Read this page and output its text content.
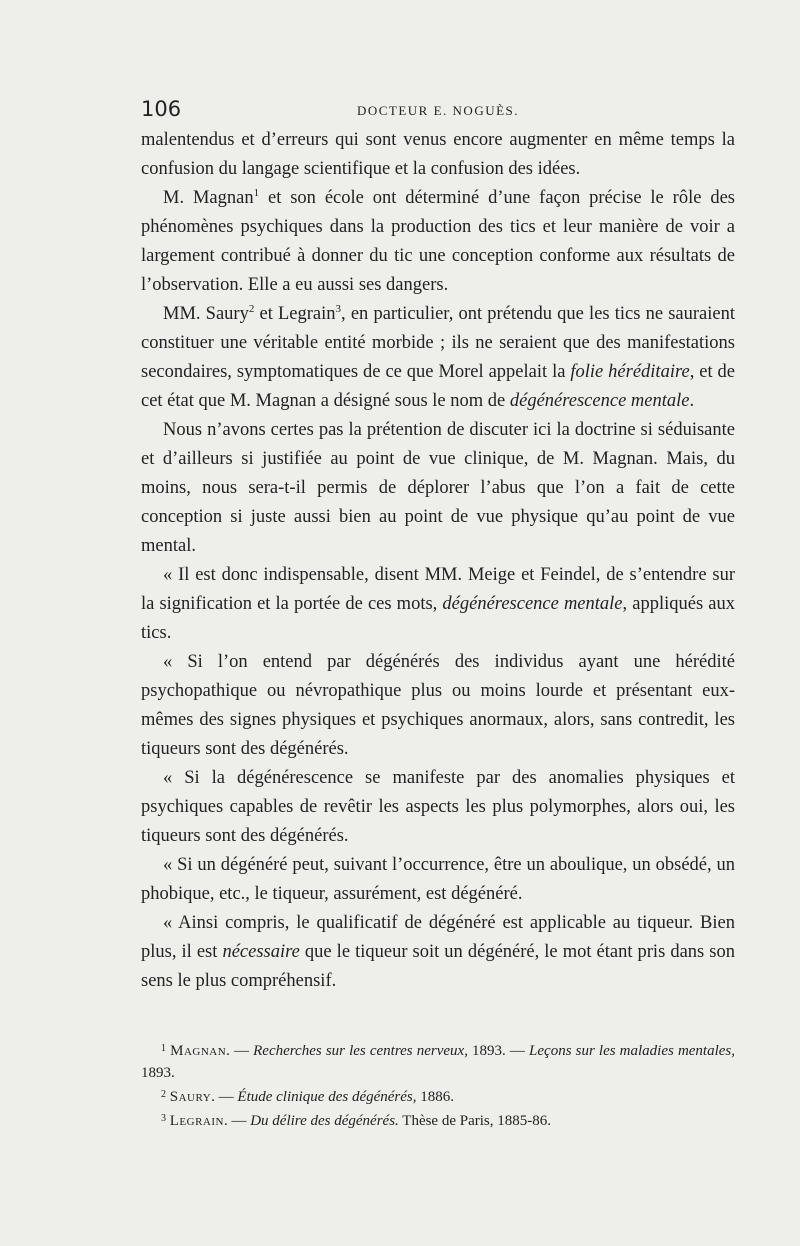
106	DOCTEUR E. NOGUÈS.

malentendus et d’erreurs qui sont venus encore augmenter en même temps la confusion du langage scientifique et la confusion des idées.

M. Magnan$^1$ et son école ont déterminé d’une façon précise le rôle des phénomènes psychiques dans la production des tics et leur manière de voir a largement contribué à donner du tic une conception conforme aux résultats de l’observation. Elle a eu aussi ses dangers.

MM. Saury$^2$ et Legrain$^3$, en particulier, ont prétendu que les tics ne sauraient constituer une véritable entité morbide ; ils ne seraient que des manifestations secondaires, symptomatiques de ce que Morel appelait la folie héréditaire, et de cet état que M. Magnan a désigné sous le nom de dégénérescence mentale.

Nous n’avons certes pas la prétention de discuter ici la doctrine si séduisante et d’ailleurs si justifiée au point de vue clinique, de M. Magnan. Mais, du moins, nous sera-t-il permis de déplorer l’abus que l’on a fait de cette conception si juste aussi bien au point de vue physique qu’au point de vue mental.

« Il est donc indispensable, disent MM. Meige et Feindel, de s’entendre sur la signification et la portée de ces mots, dégénérescence mentale, appliqués aux tics.

« Si l’on entend par dégénérés des individus ayant une hérédité psychopathique ou névropathique plus ou moins lourde et présentant eux-mêmes des signes physiques et psychiques anormaux, alors, sans contredit, les tiqueurs sont des dégénérés.

« Si la dégénérescence se manifeste par des anomalies physiques et psychiques capables de revêtir les aspects les plus polymorphes, alors oui, les tiqueurs sont des dégénérés.

« Si un dégénéré peut, suivant l’occurrence, être un aboulique, un obsédé, un phobique, etc., le tiqueur, assurément, est dégénéré.

« Ainsi compris, le qualificatif de dégénéré est applicable au tiqueur. Bien plus, il est nécessaire que le tiqueur soit un dégénéré, le mot étant pris dans son sens le plus compréhensif.

$^1$ Magnan. — Recherches sur les centres nerveux, 1893. — Leçons sur les maladies mentales, 1893.

$^2$ Saury. — Étude clinique des dégénérés, 1886.

$^3$ Legrain. — Du délire des dégénérés. Thèse de Paris, 1885-86.
